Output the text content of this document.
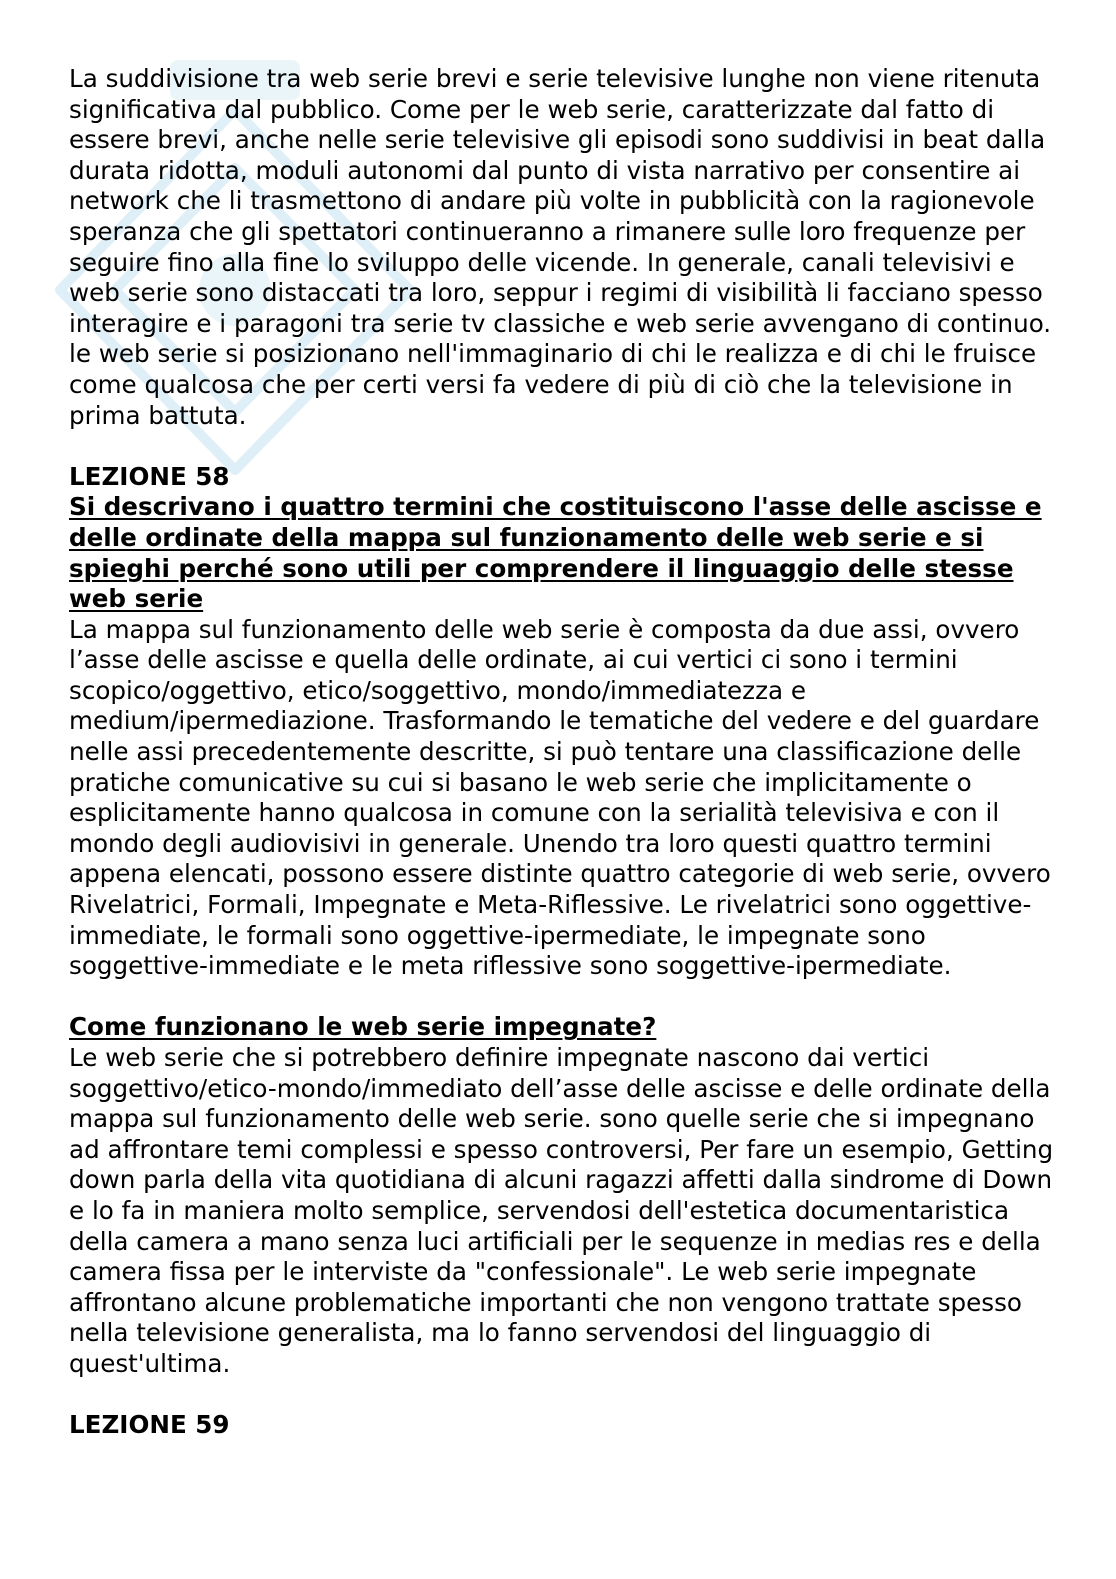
La suddivisione tra web serie brevi e serie televisive lunghe non viene ritenuta significativa dal pubblico. Come per le web serie, caratterizzate dal fatto di essere brevi, anche nelle serie televisive gli episodi sono suddivisi in beat dalla durata ridotta, moduli autonomi dal punto di vista narrativo per consentire ai network che li trasmettono di andare più volte in pubblicità con la ragionevole speranza che gli spettatori continueranno a rimanere sulle loro frequenze per seguire fino alla fine lo sviluppo delle vicende. In generale, canali televisivi e web serie sono distaccati tra loro, seppur i regimi di visibilità li facciano spesso interagire e i paragoni tra serie tv classiche e web serie avvengano di continuo. le web serie si posizionano nell'immaginario di chi le realizza e di chi le fruisce come qualcosa che per certi versi fa vedere di più di ciò che la televisione in prima battuta.

LEZIONE 58

Si descrivano i quattro termini che costituiscono l'asse delle ascisse e delle ordinate della mappa sul funzionamento delle web serie e si spieghi perché sono utili per comprendere il linguaggio delle stesse web serie

La mappa sul funzionamento delle web serie è composta da due assi, ovvero l’asse delle ascisse e quella delle ordinate, ai cui vertici ci sono i termini scopico/oggettivo, etico/soggettivo, mondo/immediatezza e medium/ipermediazione. Trasformando le tematiche del vedere e del guardare nelle assi precedentemente descritte, si può tentare una classificazione delle pratiche comunicative su cui si basano le web serie che implicitamente o esplicitamente hanno qualcosa in comune con la serialità televisiva e con il mondo degli audiovisivi in generale. Unendo tra loro questi quattro termini appena elencati, possono essere distinte quattro categorie di web serie, ovvero Rivelatrici, Formali, Impegnate e Meta-Riflessive. Le rivelatrici sono oggettive-immediate, le formali sono oggettive-ipermediate, le impegnate sono soggettive-immediate e le meta riflessive sono soggettive-ipermediate.

Come funzionano le web serie impegnate?

Le web serie che si potrebbero definire impegnate nascono dai vertici soggettivo/etico-mondo/immediato dell’asse delle ascisse e delle ordinate della mappa sul funzionamento delle web serie. sono quelle serie che si impegnano ad affrontare temi complessi e spesso controversi, Per fare un esempio, Getting down parla della vita quotidiana di alcuni ragazzi affetti dalla sindrome di Down e lo fa in maniera molto semplice, servendosi dell'estetica documentaristica della camera a mano senza luci artificiali per le sequenze in medias res e della camera fissa per le interviste da "confessionale". Le web serie impegnate affrontano alcune problematiche importanti che non vengono trattate spesso nella televisione generalista, ma lo fanno servendosi del linguaggio di quest'ultima.

LEZIONE 59
